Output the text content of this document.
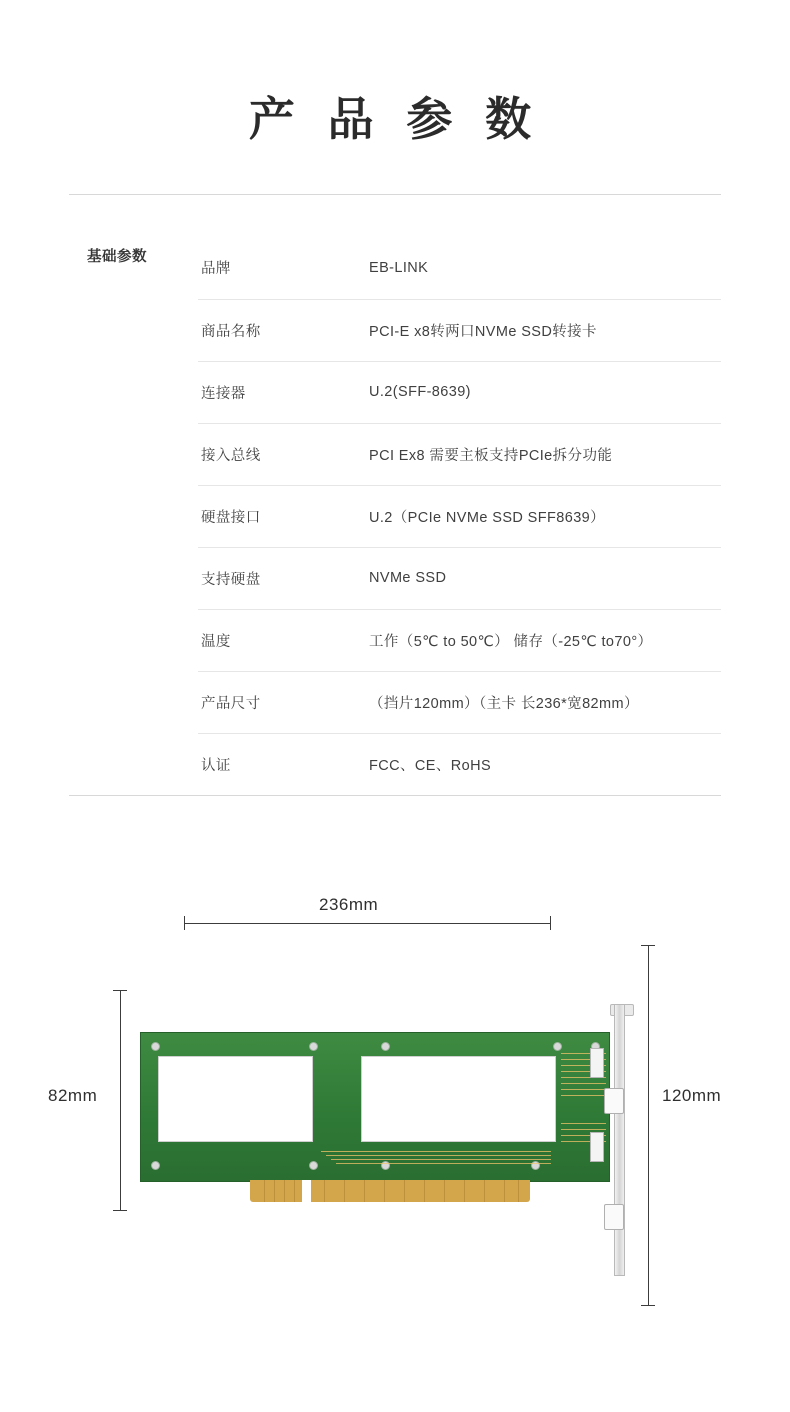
产 品 参 数
基础参数
品牌	EB-LINK
商品名称	PCI-E x8转两口NVMe SSD转接卡
连接器	U.2(SFF-8639)
接入总线	PCI Ex8 需要主板支持PCIe拆分功能
硬盘接口	U.2（PCIe NVMe SSD SFF8639）
支持硬盘	NVMe SSD
温度	工作（5℃ to 50℃） 储存（-25℃ to70°）
产品尺寸	（挡片120mm）（主卡 长236*宽82mm）
认证	FCC、CE、RoHS
236mm
82mm	120mm
